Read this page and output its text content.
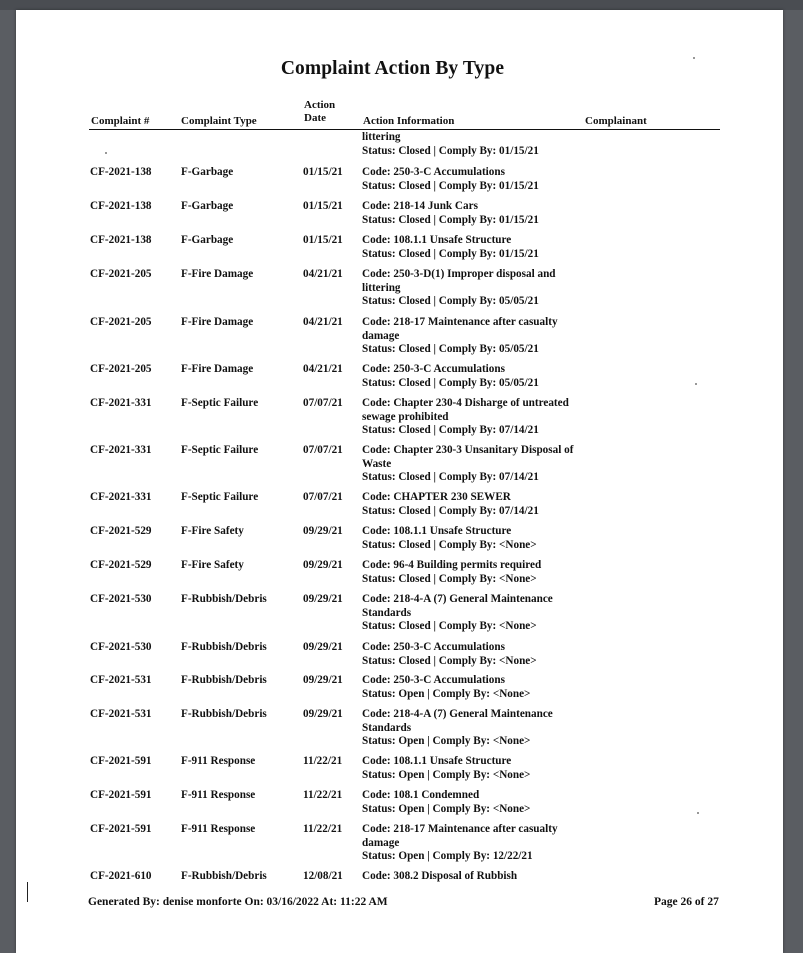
Complaint Action By Type
Complaint #	Complaint Type
Action
Date	Action Information	Complainant
littering
Status: Closed | Comply By: 01/15/21
CF-2021-138	F-Garbage	01/15/21 Code: 250-3-C Accumulations
Status: Closed | Comply By: 01/15/21
CF-2021-138	F-Garbage	01/15/21 Code: 218-14 Junk Cars
Status: Closed | Comply By: 01/15/21
CF-2021-138	F-Garbage	01/15/21 Code: 108.1.1 Unsafe Structure
Status: Closed | Comply By: 01/15/21
CF-2021-205	F-Fire Damage	04/21/21 Code: 250-3-D(1) Improper disposal and
littering
Status: Closed | Comply By: 05/05/21
CF-2021-205	F-Fire Damage	04/21/21 Code: 218-17 Maintenance after casualty
damage
Status: Closed | Comply By: 05/05/21
CF-2021-205	F-Fire Damage	04/21/21 Code: 250-3-C Accumulations
Status: Closed | Comply By: 05/05/21
CF-2021-331	F-Septic Failure	07/07/21 Code: Chapter 230-4 Disharge of untreated
sewage prohibited
Status: Closed | Comply By: 07/14/21
CF-2021-331	F-Septic Failure	07/07/21 Code: Chapter 230-3 Unsanitary Disposal of
Waste
Status: Closed | Comply By: 07/14/21
CF-2021-331	F-Septic Failure	07/07/21 Code: CHAPTER 230 SEWER
Status: Closed | Comply By: 07/14/21
CF-2021-529	F-Fire Safety	09/29/21 Code: 108.1.1 Unsafe Structure
Status: Closed | Comply By: <None>
CF-2021-529	F-Fire Safety	09/29/21 Code: 96-4 Building permits required
Status: Closed | Comply By: <None>
CF-2021-530	F-Rubbish/Debris	09/29/21 Code: 218-4-A (7) General Maintenance
Standards
Status: Closed | Comply By: <None>
CF-2021-530	F-Rubbish/Debris	09/29/21 Code: 250-3-C Accumulations
Status: Closed | Comply By: <None>
CF-2021-531	F-Rubbish/Debris	09/29/21 Code: 250-3-C Accumulations
Status: Open | Comply By: <None>
CF-2021-531	F-Rubbish/Debris	09/29/21 Code: 218-4-A (7) General Maintenance
Standards
Status: Open | Comply By: <None>
CF-2021-591	F-911 Response	11/22/21 Code: 108.1.1 Unsafe Structure
Status: Open | Comply By: <None>
CF-2021-591	F-911 Response	11/22/21 Code: 108.1 Condemned
Status: Open | Comply By: <None>
CF-2021-591	F-911 Response	11/22/21 Code: 218-17 Maintenance after casualty
damage
Status: Open | Comply By: 12/22/21
CF-2021-610	F-Rubbish/Debris	12/08/21 Code: 308.2 Disposal of Rubbish
Generated By: denise monforte On: 03/16/2022 At: 11:22 AM	Page 26 of 27
